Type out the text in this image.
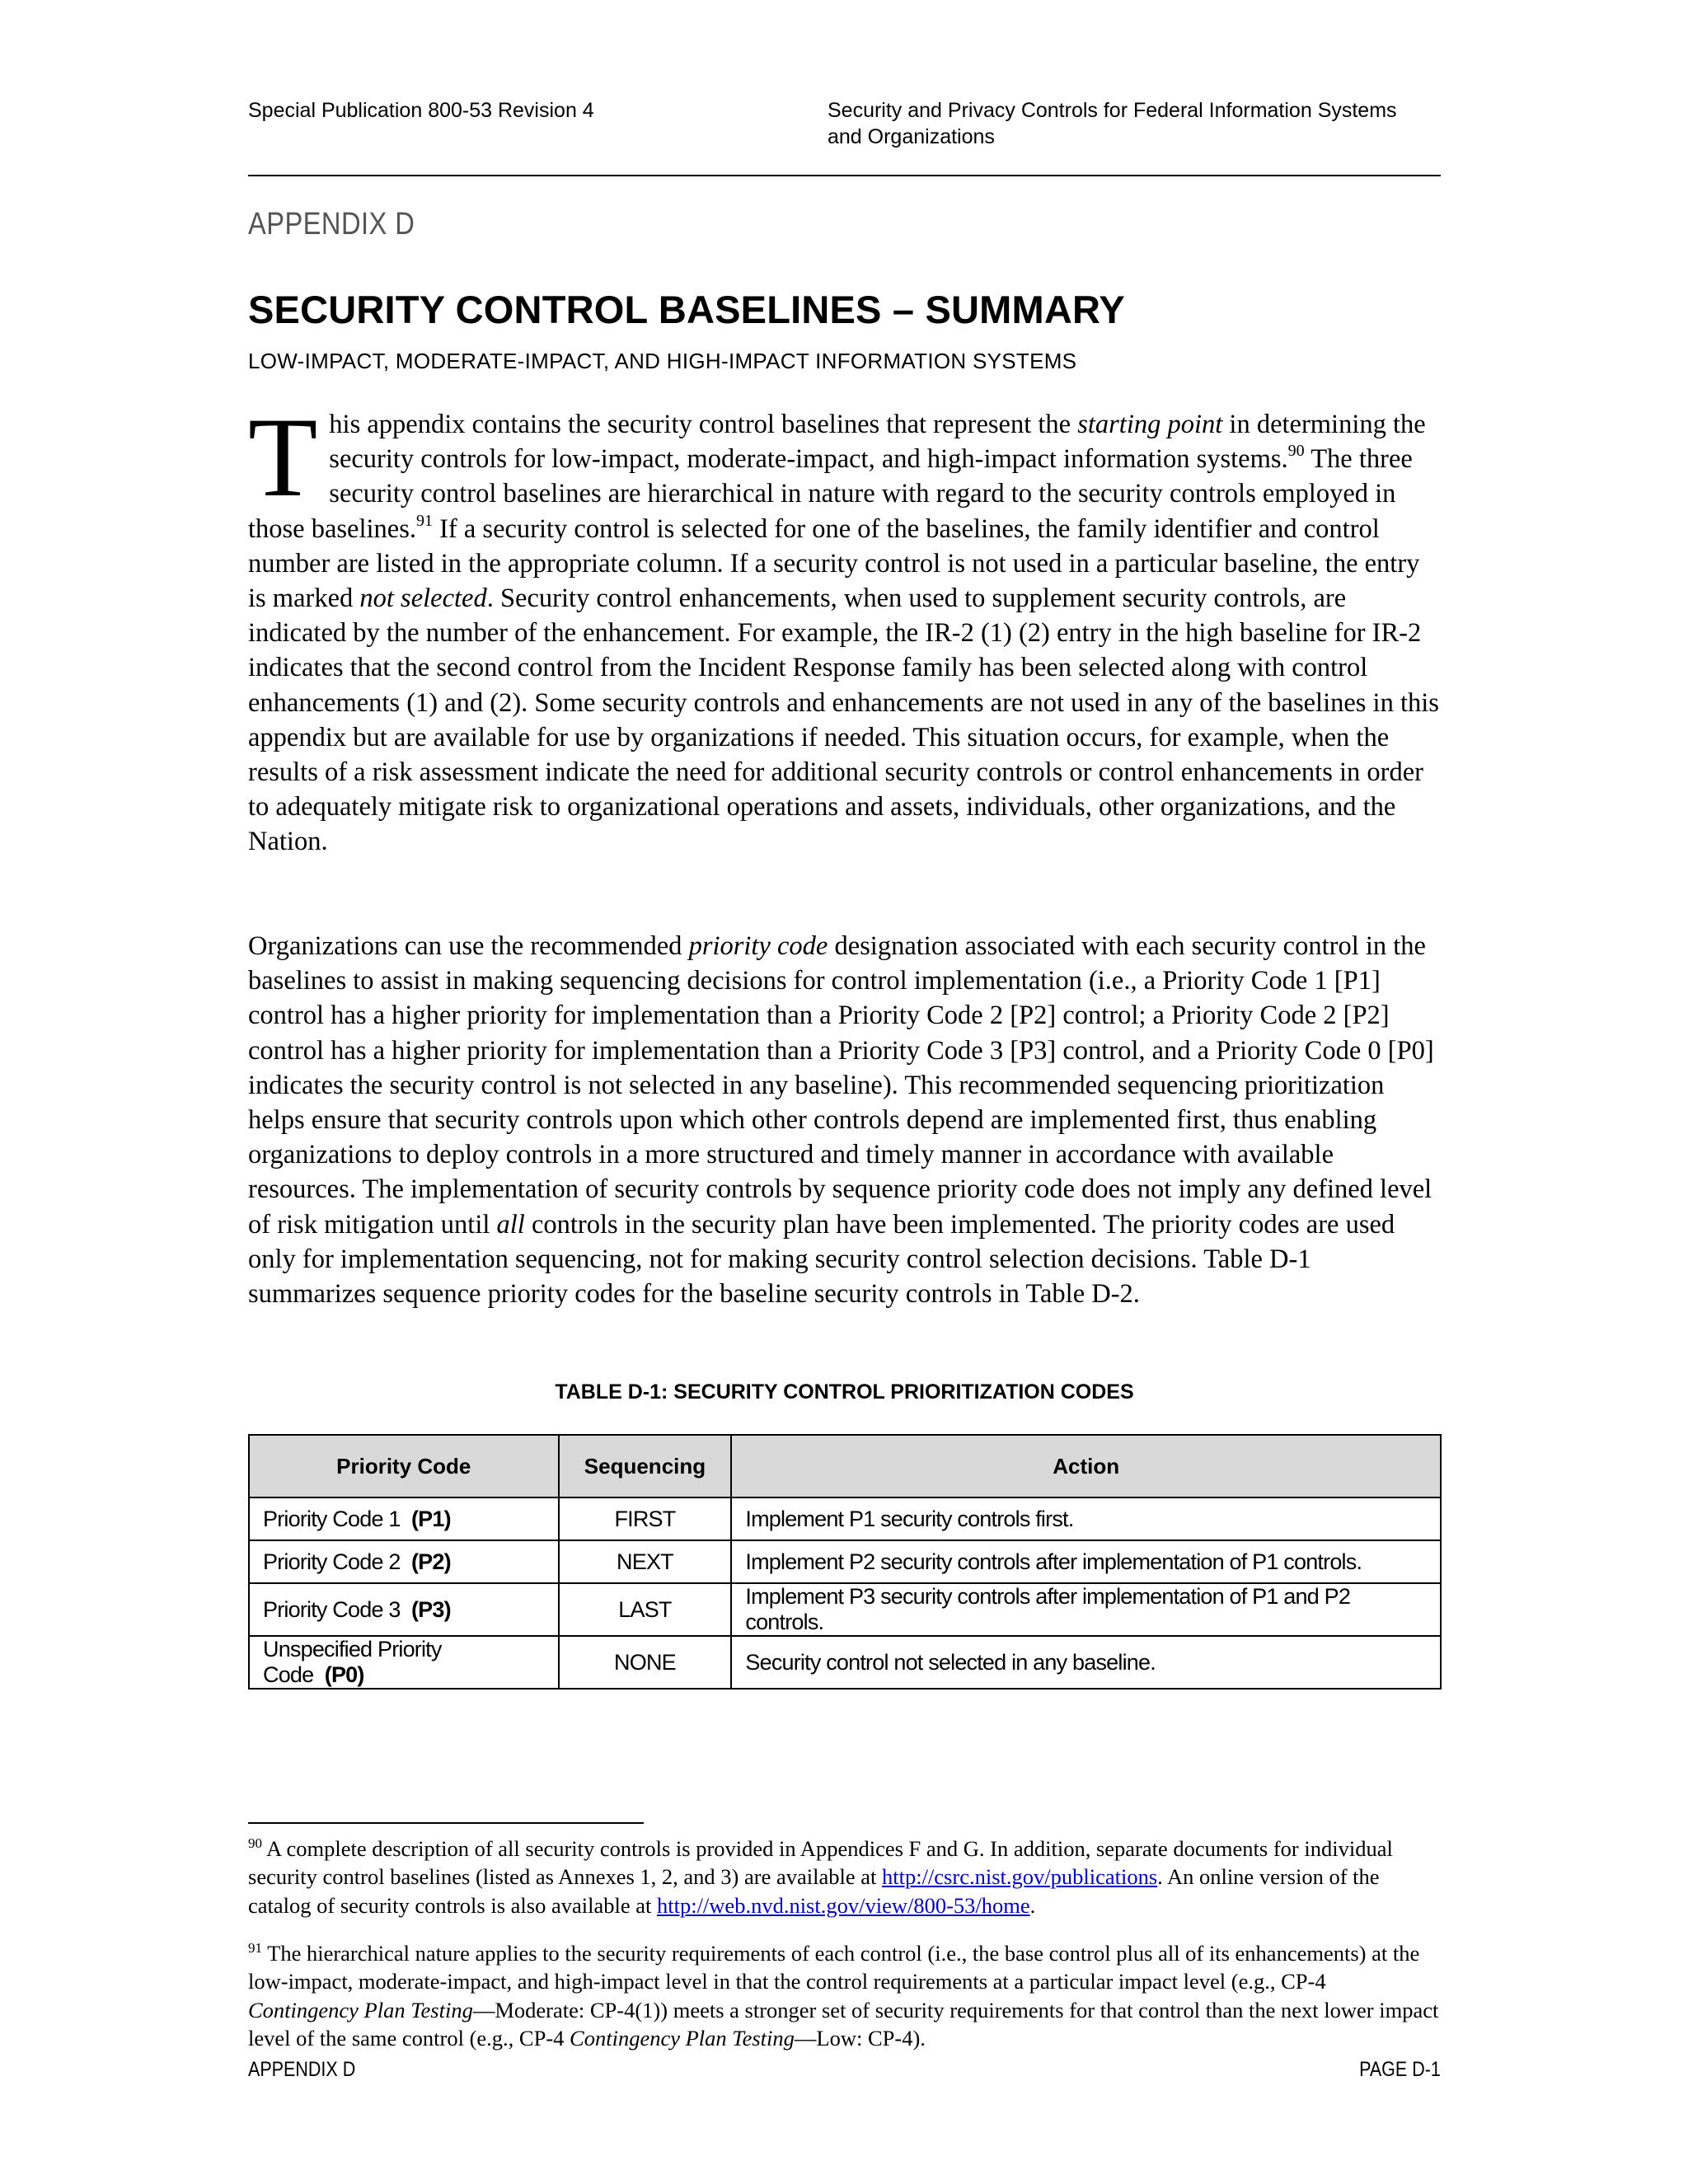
Special Publication 800-53 Revision 4	Security and Privacy Controls for Federal Information Systems
and Organizations
APPENDIX D
SECURITY CONTROL BASELINES – SUMMARY
LOW-IMPACT, MODERATE-IMPACT, AND HIGH-IMPACT INFORMATION SYSTEMS

This appendix contains the security control baselines that represent the starting point in determining the security controls for low-impact, moderate-impact, and high-impact information systems.$^{90}$ The three security control baselines are hierarchical in nature with regard to the security controls employed in those baselines.$^{91}$ If a security control is selected for one of the baselines, the family identifier and control number are listed in the appropriate column. If a security control is not used in a particular baseline, the entry is marked not selected. Security control enhancements, when used to supplement security controls, are indicated by the number of the enhancement. For example, the IR-2 (1) (2) entry in the high baseline for IR-2 indicates that the second control from the Incident Response family has been selected along with control enhancements (1) and (2). Some security controls and enhancements are not used in any of the baselines in this appendix but are available for use by organizations if needed. This situation occurs, for example, when the results of a risk assessment indicate the need for additional security controls or control enhancements in order to adequately mitigate risk to organizational operations and assets, individuals, other organizations, and the Nation.

Organizations can use the recommended priority code designation associated with each security control in the baselines to assist in making sequencing decisions for control implementation (i.e., a Priority Code 1 [P1] control has a higher priority for implementation than a Priority Code 2 [P2] control; a Priority Code 2 [P2] control has a higher priority for implementation than a Priority Code 3 [P3] control, and a Priority Code 0 [P0] indicates the security control is not selected in any baseline). This recommended sequencing prioritization helps ensure that security controls upon which other controls depend are implemented first, thus enabling organizations to deploy controls in a more structured and timely manner in accordance with available resources. The implementation of security controls by sequence priority code does not imply any defined level of risk mitigation until all controls in the security plan have been implemented. The priority codes are used only for implementation sequencing, not for making security control selection decisions. Table D-1 summarizes sequence priority codes for the baseline security controls in Table D-2.

TABLE D-1: SECURITY CONTROL PRIORITIZATION CODES
Priority Code	Sequencing	Action
Priority Code 1 (P1)	FIRST	Implement P1 security controls first.
Priority Code 2 (P2)	NEXT	Implement P2 security controls after implementation of P1 controls.
Priority Code 3 (P3)	LAST	Implement P3 security controls after implementation of P1 and P2 controls.
Unspecified Priority Code (P0)	NONE	Security control not selected in any baseline.

$^{90}$ A complete description of all security controls is provided in Appendices F and G. In addition, separate documents for individual security control baselines (listed as Annexes 1, 2, and 3) are available at http://csrc.nist.gov/publications. An online version of the catalog of security controls is also available at http://web.nvd.nist.gov/view/800-53/home.

$^{91}$ The hierarchical nature applies to the security requirements of each control (i.e., the base control plus all of its enhancements) at the low-impact, moderate-impact, and high-impact level in that the control requirements at a particular impact level (e.g., CP-4 Contingency Plan Testing—Moderate: CP-4(1)) meets a stronger set of security requirements for that control than the next lower impact level of the same control (e.g., CP-4 Contingency Plan Testing—Low: CP-4).

APPENDIX D	PAGE D-1
